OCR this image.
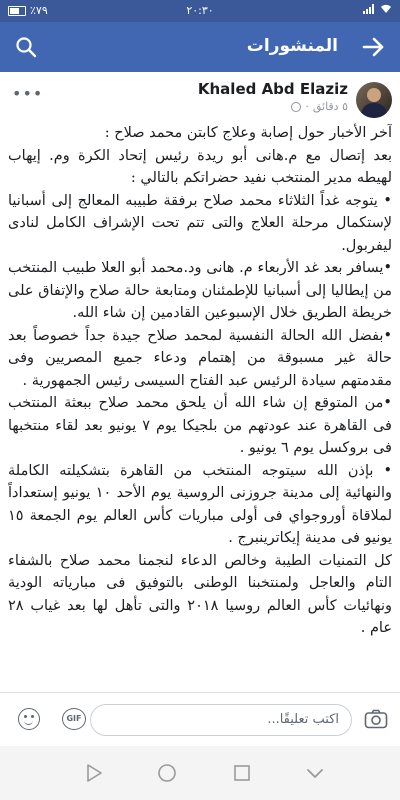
٪٧٩	٢٠:٣٠
المنشورات
•••	Khaled Abd Elaziz
٥ دقائق
·

آخر الأخبار حول إصابة وعلاج كابتن محمد صلاح :

بعد إتصال مع م.هانى أبو ريدة رئيس إتحاد الكرة وم. إيهاب لهيطه مدير المنتخب نفيد حضراتكم بالتالي :

• يتوجه غداً الثلاثاء محمد صلاح برفقة طبيبه المعالج إلى أسبانيا لإستكمال مرحلة العلاج والتى تتم تحت الإشراف الكامل لنادى ليفربول.

•يسافر بعد غد الأربعاء م. هانى ود.محمد أبو العلا طبيب المنتخب من إيطاليا إلى أسبانيا للإطمئنان ومتابعة حالة صلاح والإتفاق على خريطة الطريق خلال الإسبوعين القادمين إن شاء الله.

•بفضل الله الحالة النفسية لمحمد صلاح جيدة جداً خصوصاً بعد حالة غير مسبوقة من إهتمام ودعاء جميع المصريين وفى مقدمتهم سيادة الرئيس عبد الفتاح السيسى رئيس الجمهورية .

•من المتوقع إن شاء الله أن يلحق محمد صلاح ببعثة المنتخب فى القاهرة عند عودتهم من بلجيكا يوم ٧ يونيو بعد لقاء منتخبها فى بروكسل يوم ٦ يونيو .

• بإذن الله سيتوجه المنتخب من القاهرة بتشكيلته الكاملة والنهائية إلى مدينة جروزنى الروسية يوم الأحد ١٠ يونيو إستعداداً لملاقاة أوروجواي فى أولى مباريات كأس العالم يوم الجمعة ١٥ يونيو فى مدينة إيكاترينبرج .

كل التمنيات الطيبة وخالص الدعاء لنجمنا محمد صلاح بالشفاء التام والعاجل ولمنتخبنا الوطنى بالتوفيق فى مبارياته الودية ونهائيات كأس العالم روسيا ٢٠١٨ والتى تأهل لها بعد غياب ٢٨ عام .

GIF	اكتب تعليقًا...
